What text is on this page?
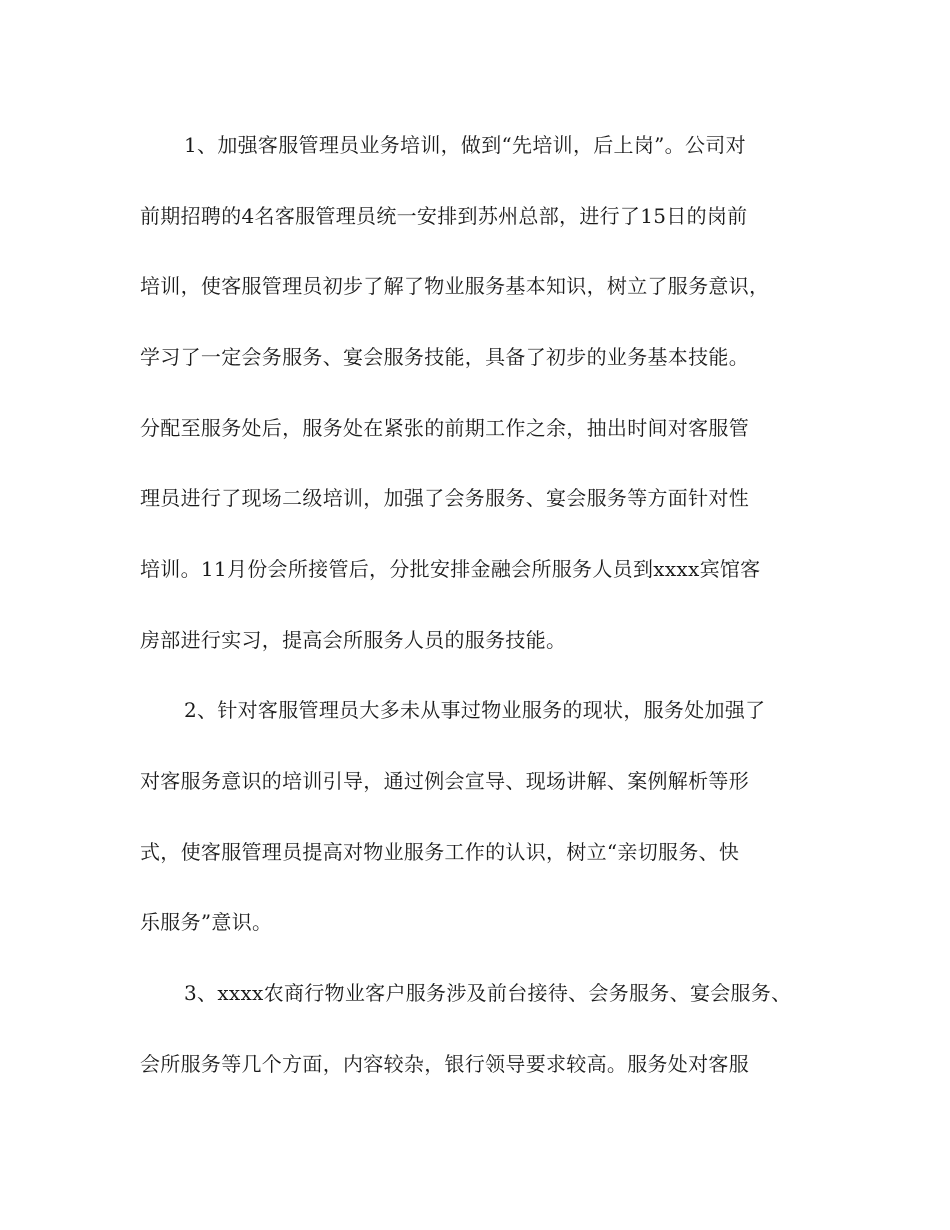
1、加强客服管理员业务培训，做到“先培训，后上岗”。公司对
前期招聘的4名客服管理员统一安排到苏州总部，进行了15日的岗前
培训，使客服管理员初步了解了物业服务基本知识，树立了服务意识，
学习了一定会务服务、宴会服务技能，具备了初步的业务基本技能。
分配至服务处后，服务处在紧张的前期工作之余，抽出时间对客服管
理员进行了现场二级培训，加强了会务服务、宴会服务等方面针对性
培训。11月份会所接管后，分批安排金融会所服务人员到xxxx宾馆客
房部进行实习，提高会所服务人员的服务技能。
2、针对客服管理员大多未从事过物业服务的现状，服务处加强了
对客服务意识的培训引导，通过例会宣导、现场讲解、案例解析等形
式，使客服管理员提高对物业服务工作的认识，树立“亲切服务、快
乐服务”意识。
3、xxxx农商行物业客户服务涉及前台接待、会务服务、宴会服务、
会所服务等几个方面，内容较杂，银行领导要求较高。服务处对客服
